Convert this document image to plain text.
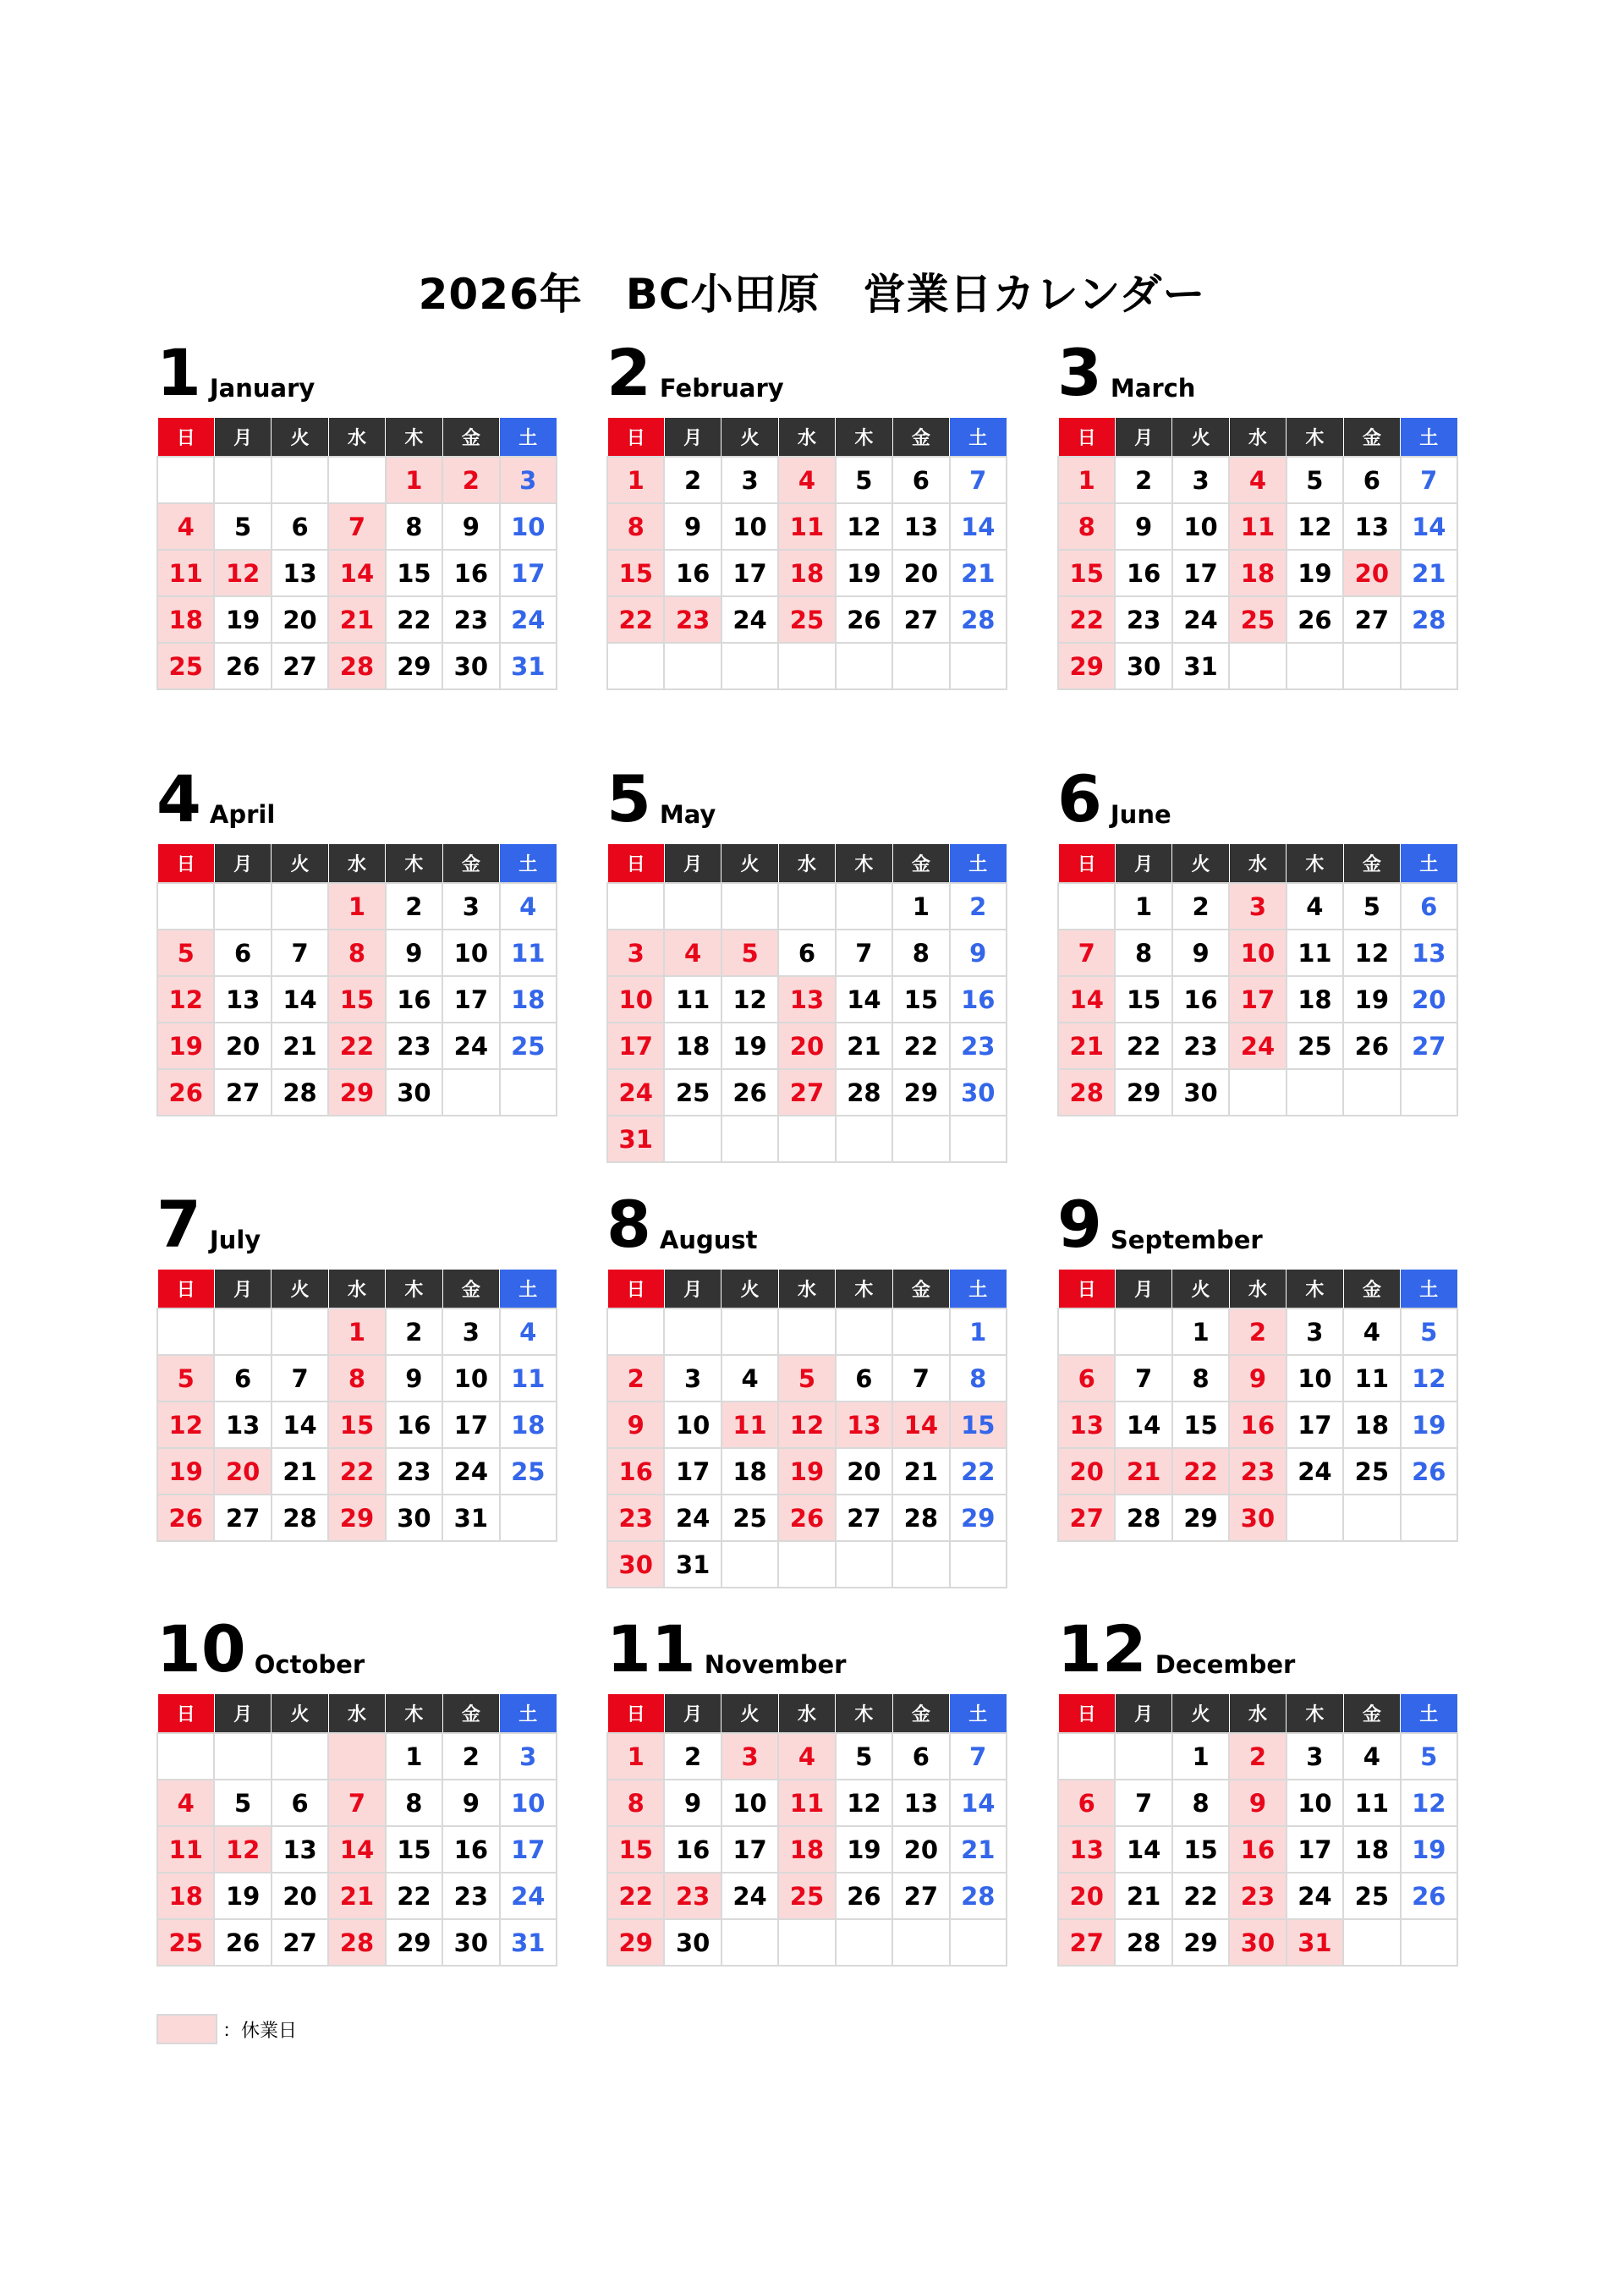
2026年　BC小田原　営業日カレンダー
1 January
日	月	火	水	木	金	土
				1	2	3
4	5	6	7	8	9	10
11	12	13	14	15	16	17
18	19	20	21	22	23	24
25	26	27	28	29	30	31
2 February
日	月	火	水	木	金	土
1	2	3	4	5	6	7
8	9	10	11	12	13	14
15	16	17	18	19	20	21
22	23	24	25	26	27	28

3 March
日	月	火	水	木	金	土
1	2	3	4	5	6	7
8	9	10	11	12	13	14
15	16	17	18	19	20	21
22	23	24	25	26	27	28
29	30	31				
4 April
日	月	火	水	木	金	土
			1	2	3	4
5	6	7	8	9	10	11
12	13	14	15	16	17	18
19	20	21	22	23	24	25
26	27	28	29	30		
5 May
日	月	火	水	木	金	土
					1	2
3	4	5	6	7	8	9
10	11	12	13	14	15	16
17	18	19	20	21	22	23
24	25	26	27	28	29	30
31						
6 June
日	月	火	水	木	金	土
	1	2	3	4	5	6
7	8	9	10	11	12	13
14	15	16	17	18	19	20
21	22	23	24	25	26	27
28	29	30				
7 July
日	月	火	水	木	金	土
			1	2	3	4
5	6	7	8	9	10	11
12	13	14	15	16	17	18
19	20	21	22	23	24	25
26	27	28	29	30	31	
8 August
日	月	火	水	木	金	土
						1
2	3	4	5	6	7	8
9	10	11	12	13	14	15
16	17	18	19	20	21	22
23	24	25	26	27	28	29
30	31					
9 September
日	月	火	水	木	金	土
		1	2	3	4	5
6	7	8	9	10	11	12
13	14	15	16	17	18	19
20	21	22	23	24	25	26
27	28	29	30			
10 October
日	月	火	水	木	金	土
				1	2	3
4	5	6	7	8	9	10
11	12	13	14	15	16	17
18	19	20	21	22	23	24
25	26	27	28	29	30	31
11 November
日	月	火	水	木	金	土
1	2	3	4	5	6	7
8	9	10	11	12	13	14
15	16	17	18	19	20	21
22	23	24	25	26	27	28
29	30					
12 December
日	月	火	水	木	金	土
		1	2	3	4	5
6	7	8	9	10	11	12
13	14	15	16	17	18	19
20	21	22	23	24	25	26
27	28	29	30	31		
：休業日
